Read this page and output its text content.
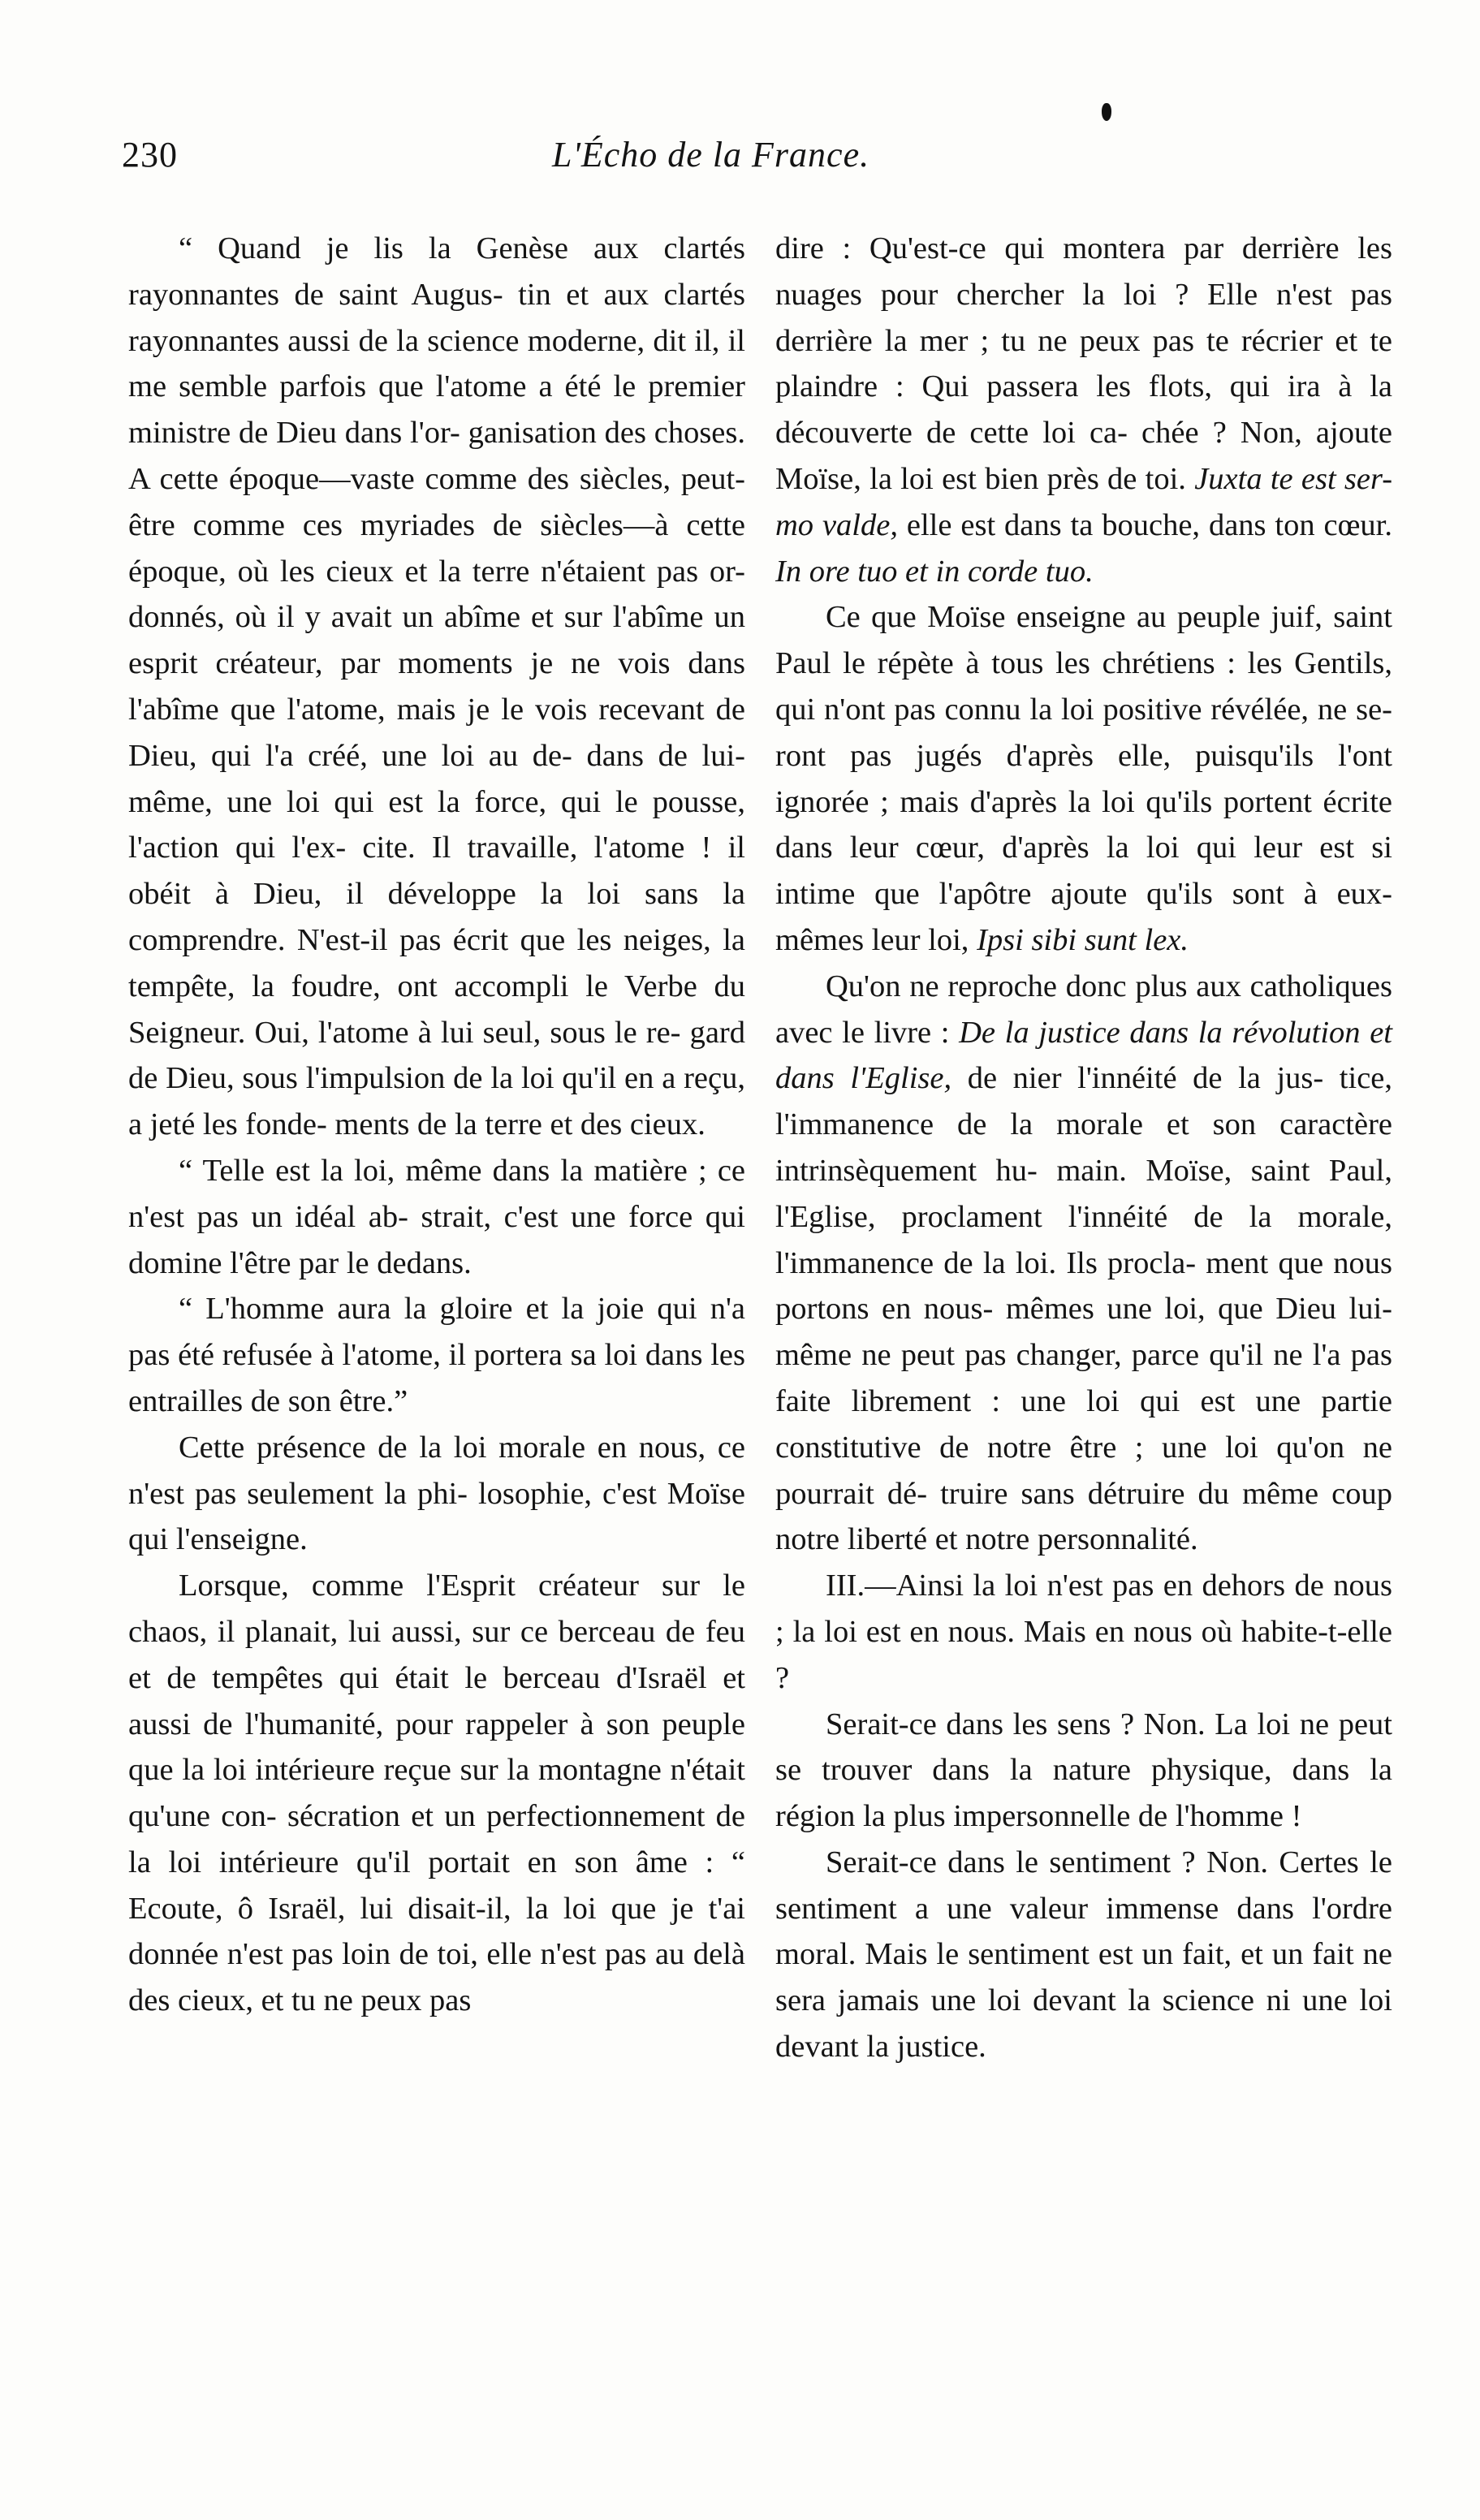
230	L'Écho de la France.

“ Quand je lis la Genèse aux clartés rayonnantes de saint Augus- tin et aux clartés rayonnantes aussi de la science moderne, dit il, il me semble parfois que l'atome a été le premier ministre de Dieu dans l'or- ganisation des choses. A cette époque—vaste comme des siècles, peut-être comme ces myriades de siècles—à cette époque, où les cieux et la terre n'étaient pas or- donnés, où il y avait un abîme et sur l'abîme un esprit créateur, par moments je ne vois dans l'abîme que l'atome, mais je le vois recevant de Dieu, qui l'a créé, une loi au de- dans de lui-même, une loi qui est la force, qui le pousse, l'action qui l'ex- cite. Il travaille, l'atome ! il obéit à Dieu, il développe la loi sans la comprendre. N'est-il pas écrit que les neiges, la tempête, la foudre, ont accompli le Verbe du Seigneur. Oui, l'atome à lui seul, sous le re- gard de Dieu, sous l'impulsion de la loi qu'il en a reçu, a jeté les fonde- ments de la terre et des cieux.

“ Telle est la loi, même dans la matière ; ce n'est pas un idéal ab- strait, c'est une force qui domine l'être par le dedans.

“ L'homme aura la gloire et la joie qui n'a pas été refusée à l'atome, il portera sa loi dans les entrailles de son être.”

Cette présence de la loi morale en nous, ce n'est pas seulement la phi- losophie, c'est Moïse qui l'enseigne.

Lorsque, comme l'Esprit créateur sur le chaos, il planait, lui aussi, sur ce berceau de feu et de tempêtes qui était le berceau d'Israël et aussi de l'humanité, pour rappeler à son peuple que la loi intérieure reçue sur la montagne n'était qu'une con- sécration et un perfectionnement de la loi intérieure qu'il portait en son âme : “ Ecoute, ô Israël, lui disait-il, la loi que je t'ai donnée n'est pas loin de toi, elle n'est pas au delà des cieux, et tu ne peux pas

dire : Qu'est-ce qui montera par derrière les nuages pour chercher la loi ? Elle n'est pas derrière la mer ; tu ne peux pas te récrier et te plaindre : Qui passera les flots, qui ira à la découverte de cette loi ca- chée ? Non, ajoute Moïse, la loi est bien près de toi. Juxta te est ser- mo valde, elle est dans ta bouche, dans ton cœur. In ore tuo et in corde tuo.

Ce que Moïse enseigne au peuple juif, saint Paul le répète à tous les chrétiens : les Gentils, qui n'ont pas connu la loi positive révélée, ne se- ront pas jugés d'après elle, puisqu'ils l'ont ignorée ; mais d'après la loi qu'ils portent écrite dans leur cœur, d'après la loi qui leur est si intime que l'apôtre ajoute qu'ils sont à eux- mêmes leur loi, Ipsi sibi sunt lex.

Qu'on ne reproche donc plus aux catholiques avec le livre : De la justice dans la révolution et dans l'Eglise, de nier l'innéité de la jus- tice, l'immanence de la morale et son caractère intrinsèquement hu- main. Moïse, saint Paul, l'Eglise, proclament l'innéité de la morale, l'immanence de la loi. Ils procla- ment que nous portons en nous- mêmes une loi, que Dieu lui-même ne peut pas changer, parce qu'il ne l'a pas faite librement : une loi qui est une partie constitutive de notre être ; une loi qu'on ne pourrait dé- truire sans détruire du même coup notre liberté et notre personnalité.

III.—Ainsi la loi n'est pas en dehors de nous ; la loi est en nous. Mais en nous où habite-t-elle ?

Serait-ce dans les sens ? Non. La loi ne peut se trouver dans la nature physique, dans la région la plus impersonnelle de l'homme !

Serait-ce dans le sentiment ? Non. Certes le sentiment a une valeur immense dans l'ordre moral. Mais le sentiment est un fait, et un fait ne sera jamais une loi devant la science ni une loi devant la justice.
